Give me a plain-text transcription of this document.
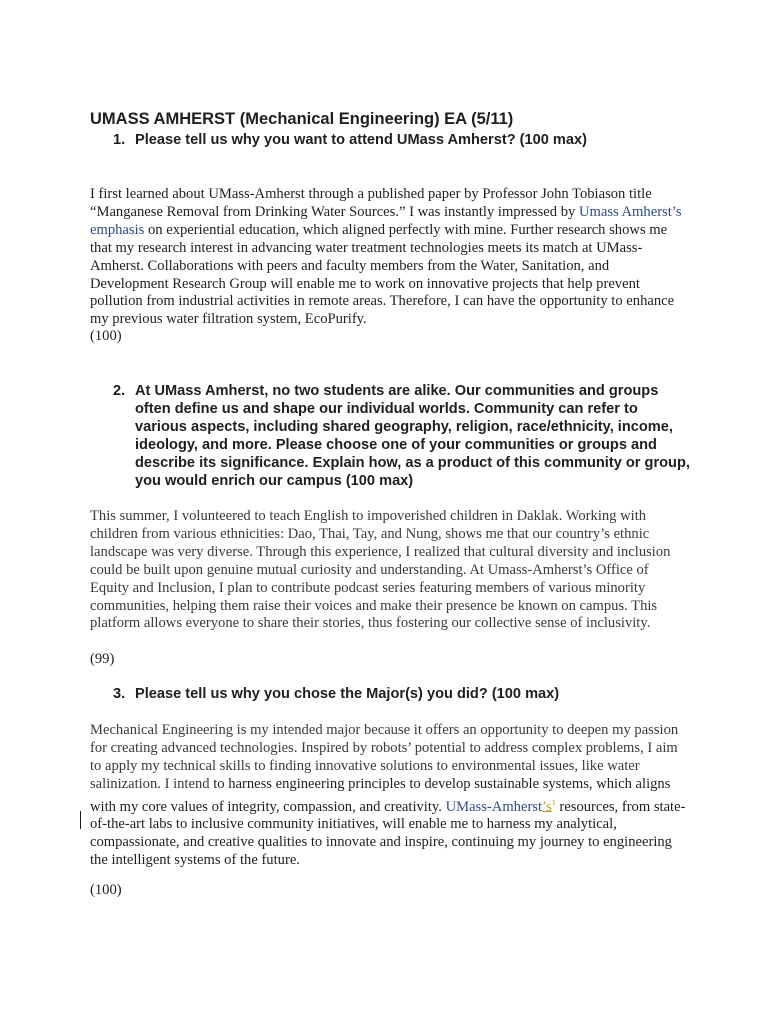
UMASS AMHERST (Mechanical Engineering) EA (5/11)
1. Please tell us why you want to attend UMass Amherst? (100 max)

I first learned about UMass-Amherst through a published paper by Professor John Tobiason title “Manganese Removal from Drinking Water Sources.” I was instantly impressed by Umass Amherst’s emphasis on experiential education, which aligned perfectly with mine. Further research shows me that my research interest in advancing water treatment technologies meets its match at UMass-Amherst. Collaborations with peers and faculty members from the Water, Sanitation, and Development Research Group will enable me to work on innovative projects that help prevent pollution from industrial activities in remote areas. Therefore, I can have the opportunity to enhance my previous water filtration system, EcoPurify.

(100)
2. At UMass Amherst, no two students are alike. Our communities and groups often define us and shape our individual worlds. Community can refer to various aspects, including shared geography, religion, race/ethnicity, income, ideology, and more. Please choose one of your communities or groups and describe its significance. Explain how, as a product of this community or group, you would enrich our campus (100 max)

This summer, I volunteered to teach English to impoverished children in Daklak. Working with children from various ethnicities: Dao, Thai, Tay, and Nung, shows me that our country’s ethnic landscape was very diverse. Through this experience, I realized that cultural diversity and inclusion could be built upon genuine mutual curiosity and understanding. At Umass-Amherst’s Office of Equity and Inclusion, I plan to contribute podcast series featuring members of various minority communities, helping them raise their voices and make their presence be known on campus. This platform allows everyone to share their stories, thus fostering our collective sense of inclusivity.

(99)
3. Please tell us why you chose the Major(s) you did? (100 max)

Mechanical Engineering is my intended major because it offers an opportunity to deepen my passion for creating advanced technologies. Inspired by robots’ potential to address complex problems, I aim to apply my technical skills to finding innovative solutions to environmental issues, like water salinization. I intend to harness engineering principles to develop sustainable systems, which aligns with my core values of integrity, compassion, and creativity. UMass-$Amherst’s^1$ resources, from state-of-the-art labs to inclusive community initiatives, will enable me to harness my analytical, compassionate, and creative qualities to innovate and inspire, continuing my journey to engineering the intelligent systems of the future.

(100)
